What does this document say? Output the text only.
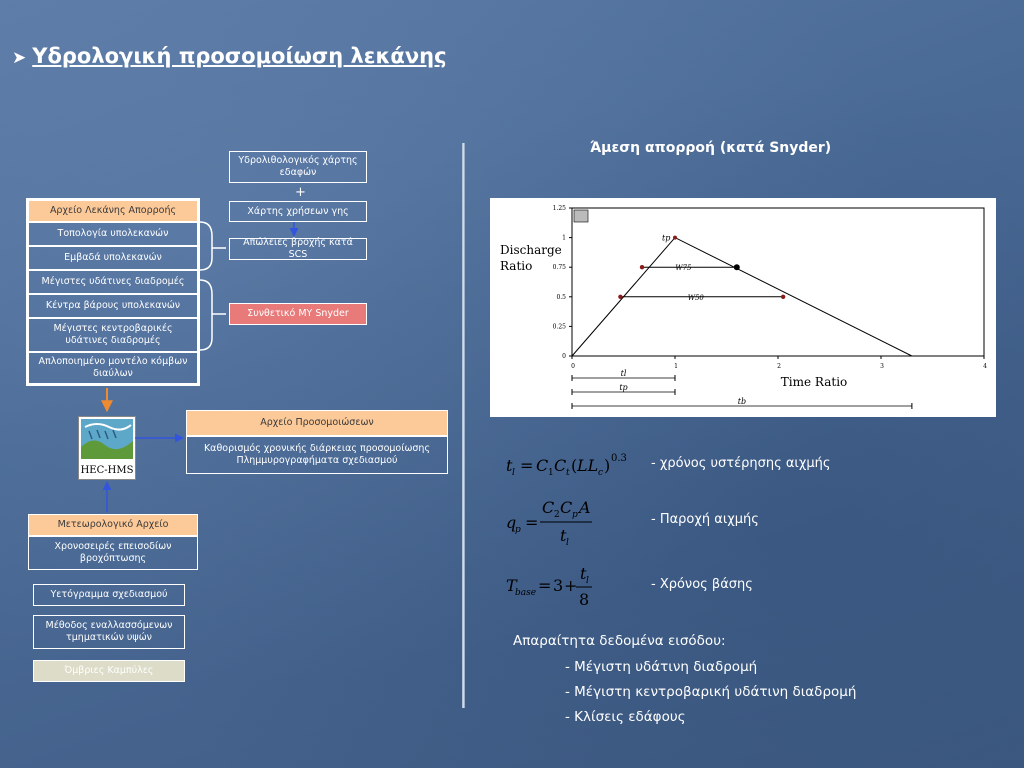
➤ Υδρολογική προσομοίωση λεκάνης
Αρχείο Λεκάνης Απορροής
Τοπολογία υπολεκανών
Εμβαδά υπολεκανών
Μέγιστες υδάτινες διαδρομές
Κέντρα βάρους υπολεκανών
Μέγιστες κεντροβαρικές υδάτινες διαδρομές
Απλοποιημένο μοντέλο κόμβων διαύλων
Υδρολιθολογικός χάρτης εδαφών
+
Χάρτης χρήσεων γης
Απώλειες βροχής κατά SCS
Συνθετικό ΜΥ Snyder
Αρχείο Προσομοιώσεων
Καθορισμός χρονικής διάρκειας προσομοίωσης
Πλημμυρογραφήματα σχεδιασμού
Μετεωρολογικό Αρχείο
Χρονοσειρές επεισοδίων βροχόπτωσης
Υετόγραμμα σχεδιασμού
Μέθοδος εναλλασσόμενων τμηματικών υψών
Όμβριες Καμπύλες
HEC-HMS
Άμεση απορροή (κατά Snyder)
0	1	2	3	4
0
0.25
0.5
0.75
1
1.25
Discharge
Ratio
Time Ratio
tp
W75
W50
tl
tp
tb
t l = C 1 C t ( LL c ) 0.3 - χρόνος υστέρησης αιχμής
q
p =
C 2 C p A
t l
- Παροχή αιχμής
T
base = 3 +
t l
8
- Χρόνος βάσης
Απαραίτητα δεδομένα εισόδου:
- Μέγιστη υδάτινη διαδρομή
- Μέγιστη κεντροβαρική υδάτινη διαδρομή
- Κλίσεις εδάφους
